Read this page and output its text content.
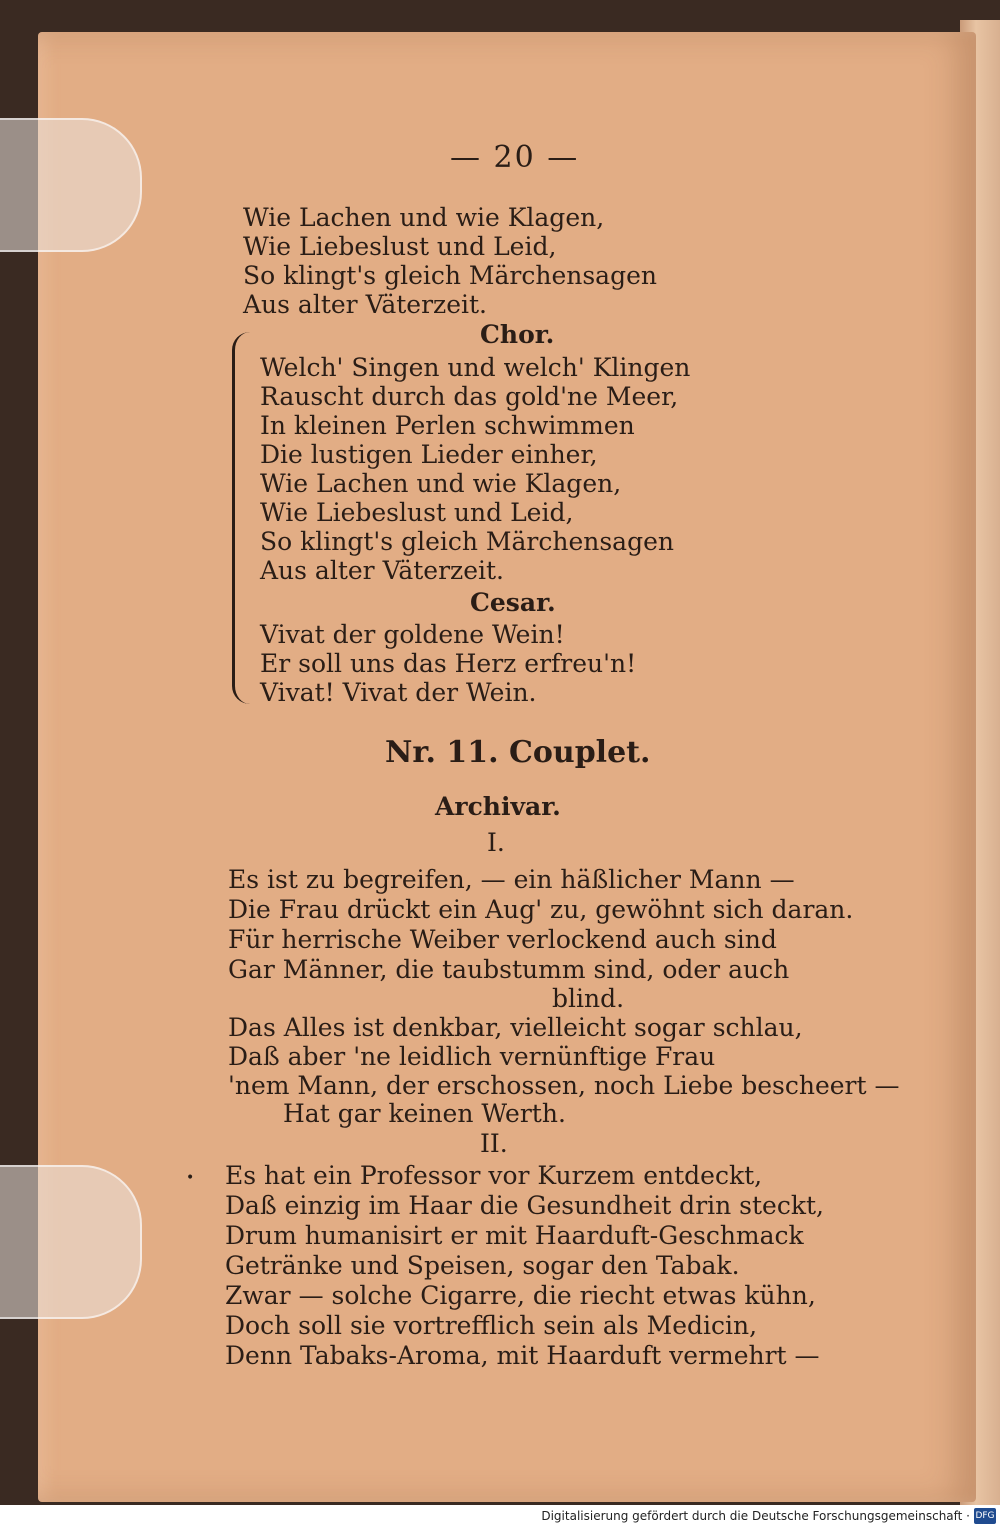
— 20 —
Wie Lachen und wie Klagen,
Wie Liebeslust und Leid,
So klingt's gleich Märchensagen
Aus alter Väterzeit.
Chor.
Welch' Singen und welch' Klingen
Rauscht durch das gold'ne Meer,
In kleinen Perlen schwimmen
Die lustigen Lieder einher,
Wie Lachen und wie Klagen,
Wie Liebeslust und Leid,
So klingt's gleich Märchensagen
Aus alter Väterzeit.
Cesar.
Vivat der goldene Wein!
Er soll uns das Herz erfreu'n!
Vivat! Vivat der Wein.
Nr. 11. Couplet.
Archivar.
I.
Es ist zu begreifen, — ein häßlicher Mann —
Die Frau drückt ein Aug' zu, gewöhnt sich daran.
Für herrische Weiber verlockend auch sind
Gar Männer, die taubstumm sind, oder auch
blind.
Das Alles ist denkbar, vielleicht sogar schlau,
Daß aber 'ne leidlich vernünftige Frau
'nem Mann, der erschossen, noch Liebe bescheert —
Hat gar keinen Werth.
II.
• Es hat ein Professor vor Kurzem entdeckt,
Daß einzig im Haar die Gesundheit drin steckt,
Drum humanisirt er mit Haarduft-Geschmack
Getränke und Speisen, sogar den Tabak.
Zwar — solche Cigarre, die riecht etwas kühn,
Doch soll sie vortrefflich sein als Medicin,
Denn Tabaks-Aroma, mit Haarduft vermehrt —
Digitalisierung gefördert durch die Deutsche Forschungsgemeinschaft · DFG
